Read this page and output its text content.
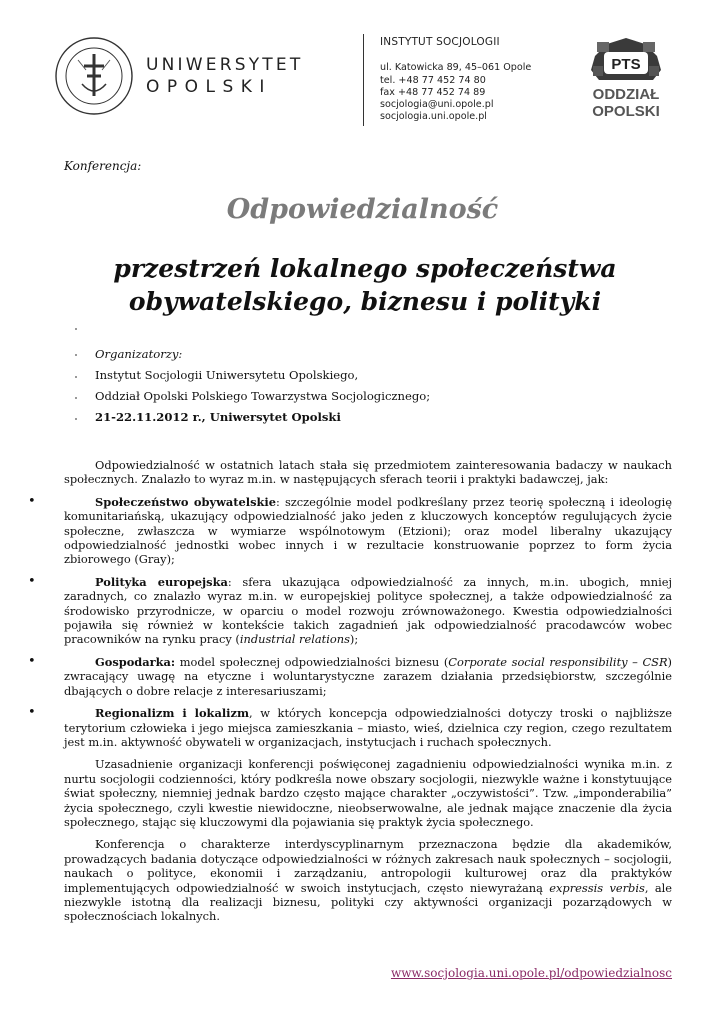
UNIWERSYTET
OPOLSKI
INSTYTUT SOCJOLOGII
ul. Katowicka 89, 45–061 Opole
tel. +48 77 452 74 80
fax +48 77 452 74 89
socjologia@uni.opole.pl
socjologia.uni.opole.pl
PTS
ODDZIAŁ
OPOLSKI
Konferencja:
Odpowiedzialność
przestrzeń lokalnego społeczeństwa
obywatelskiego, biznesu i polityki
Organizatorzy:
Instytut Socjologii Uniwersytetu Opolskiego,
Oddział Opolski Polskiego Towarzystwa Socjologicznego;
21-22.11.2012 r., Uniwersytet Opolski

Odpowiedzialność w ostatnich latach stała się przedmiotem zainteresowania badaczy w naukach społecznych. Znalazło to wyraz m.in. w następujących sferach teorii i praktyki badawczej, jak:

•	Społeczeństwo obywatelskie: szczególnie model podkreślany przez teorię społeczną i ideologię komunitariańską, ukazujący odpowiedzialność jako jeden z kluczowych konceptów regulujących życie społeczne, zwłaszcza w wymiarze wspólnotowym (Etzioni); oraz model liberalny ukazujący odpowiedzialność jednostki wobec innych i w rezultacie konstruowanie poprzez to form życia zbiorowego (Gray);
•	Polityka europejska: sfera ukazująca odpowiedzialność za innych, m.in. ubogich, mniej zaradnych, co znalazło wyraz m.in. w europejskiej polityce społecznej, a także odpowiedzialność za środowisko przyrodnicze, w oparciu o model rozwoju zrównoważonego. Kwestia odpowiedzialności pojawiła się również w kontekście takich zagadnień jak odpowiedzialność pracodawców wobec pracowników na rynku pracy (industrial relations);
•	Gospodarka: model społecznej odpowiedzialności biznesu (Corporate social responsibility – CSR) zwracający uwagę na etyczne i woluntarystyczne zarazem działania przedsiębiorstw, szczególnie dbających o dobre relacje z interesariuszami;
•	Regionalizm i lokalizm, w których koncepcja odpowiedzialności dotyczy troski o najbliższe terytorium człowieka i jego miejsca zamieszkania – miasto, wieś, dzielnica czy region, czego rezultatem jest m.in. aktywność obywateli w organizacjach, instytucjach i ruchach społecznych.

Uzasadnienie organizacji konferencji poświęconej zagadnieniu odpowiedzialności wynika m.in. z nurtu socjologii codzienności, który podkreśla nowe obszary socjologii, niezwykle ważne i konstytuujące świat społeczny, niemniej jednak bardzo często mające charakter „oczywistości”. Tzw. „imponderabilia” życia społecznego, czyli kwestie niewidoczne, nieobserwowalne, ale jednak mające znaczenie dla życia społecznego, stając się kluczowymi dla pojawiania się praktyk życia społecznego.

Konferencja o charakterze interdyscyplinarnym przeznaczona będzie dla akademików, prowadzących badania dotyczące odpowiedzialności w różnych zakresach nauk społecznych – socjologii, naukach o polityce, ekonomii i zarządzaniu, antropologii kulturowej oraz dla praktyków implementujących odpowiedzialność w swoich instytucjach, często niewyrażaną expressis verbis, ale niezwykle istotną dla realizacji biznesu, polityki czy aktywności organizacji pozarządowych w społecznościach lokalnych.

www.socjologia.uni.opole.pl/odpowiedzialnosc
